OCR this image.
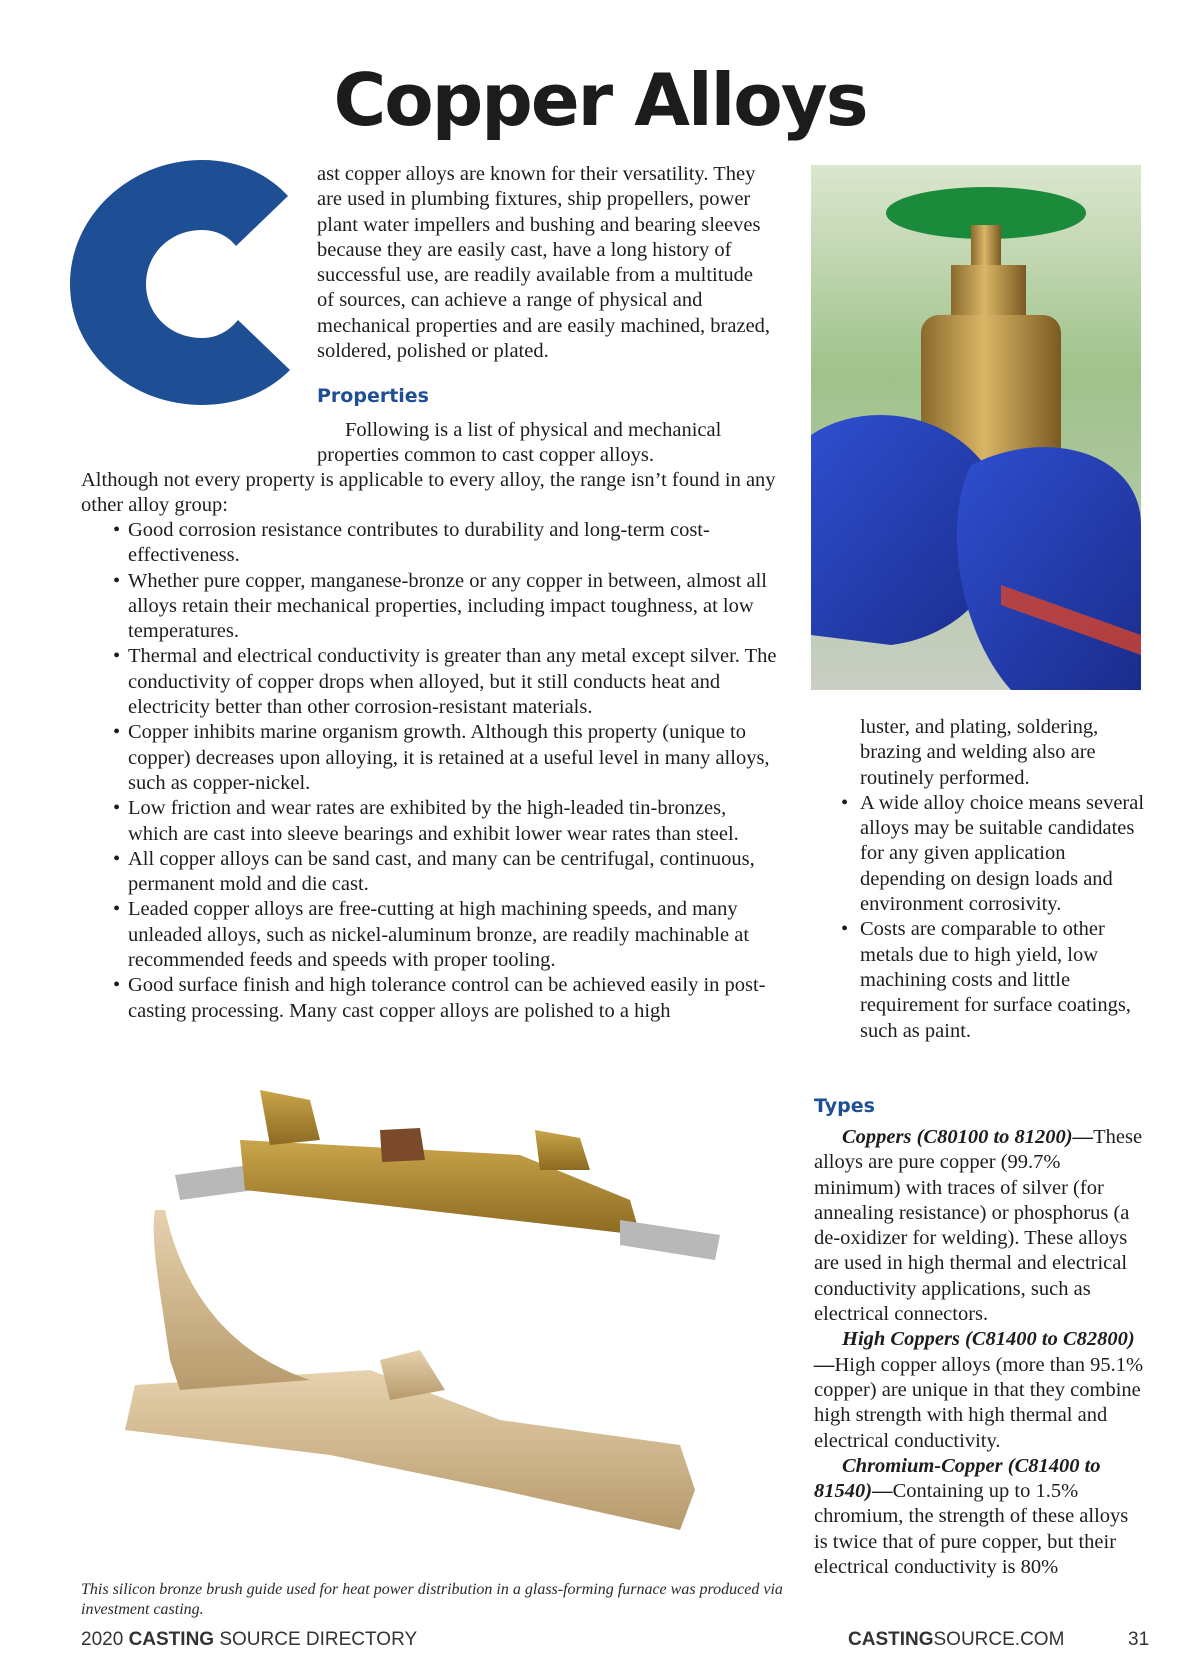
Copper Alloys
ast copper alloys are known for their versatility. They are used in plumbing fixtures, ship propellers, power plant water impellers and bushing and bearing sleeves because they are easily cast, have a long history of successful use, are readily available from a multitude of sources, can achieve a range of physical and mechanical properties and are easily machined, brazed, soldered, polished or plated.
Properties
Following is a list of physical and mechanical properties common to cast copper alloys.
Although not every property is applicable to every alloy, the range isn’t found in any other alloy group:
• Good corrosion resistance contributes to durability and long-term cost-effectiveness.
• Whether pure copper, manganese-bronze or any copper in between, almost all alloys retain their mechanical properties, including impact toughness, at low temperatures.
• Thermal and electrical conductivity is greater than any metal except silver. The conductivity of copper drops when alloyed, but it still conducts heat and electricity better than other corrosion-resistant materials.
• Copper inhibits marine organism growth. Although this property (unique to copper) decreases upon alloying, it is retained at a useful level in many alloys, such as copper-nickel.
• Low friction and wear rates are exhibited by the high-leaded tin-bronzes, which are cast into sleeve bearings and exhibit lower wear rates than steel.
• All copper alloys can be sand cast, and many can be centrifugal, continuous, permanent mold and die cast.
• Leaded copper alloys are free-cutting at high machining speeds, and many unleaded alloys, such as nickel-aluminum bronze, are readily machinable at recommended feeds and speeds with proper tooling.
• Good surface finish and high tolerance control can be achieved easily in post-casting processing. Many cast copper alloys are polished to a high
luster, and plating, soldering, brazing and welding also are routinely performed.
• A wide alloy choice means several alloys may be suitable candidates for any given application depending on design loads and environment corrosivity.
• Costs are comparable to other metals due to high yield, low machining costs and little requirement for surface coatings, such as paint.
Types

Coppers (C80100 to 81200)—These alloys are pure copper (99.7% minimum) with traces of silver (for annealing resistance) or phosphorus (a de-oxidizer for welding). These alloys are used in high thermal and electrical conductivity applications, such as electrical connectors.

High Coppers (C81400 to C82800)—High copper alloys (more than 95.1% copper) are unique in that they combine high strength with high thermal and electrical conductivity.

Chromium-Copper (C81400 to 81540)—Containing up to 1.5% chromium, the strength of these alloys is twice that of pure copper, but their electrical conductivity is 80%

This silicon bronze brush guide used for heat power distribution in a glass-forming furnace was produced via investment casting.
2020 CASTING SOURCE DIRECTORY	CASTINGSOURCE.COM	31
